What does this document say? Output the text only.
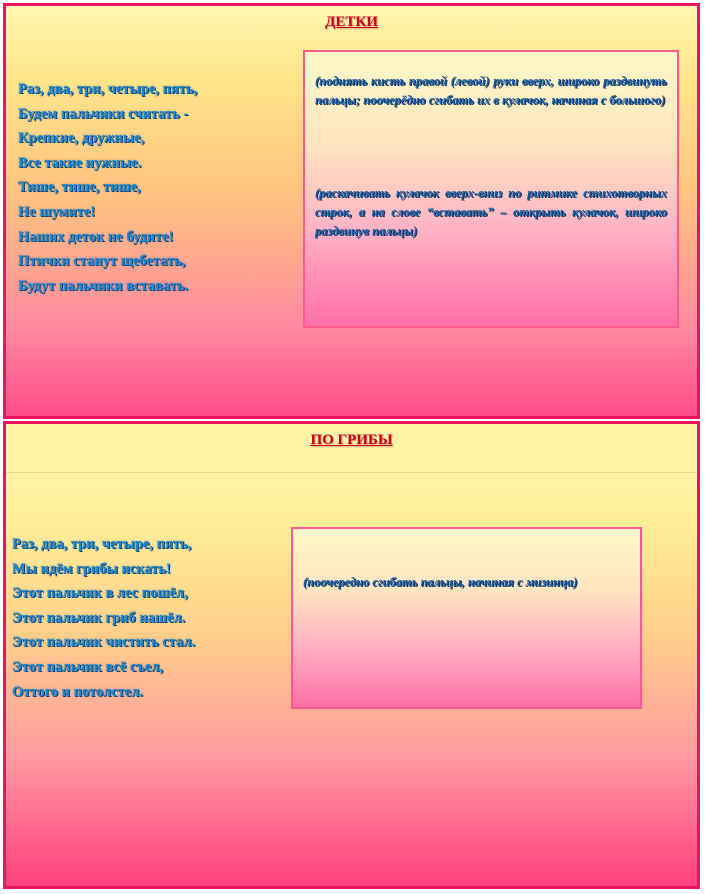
ДЕТКИ
Раз, два, три, четыре, пять,
Будем пальчики считать -
Крепкие, дружные,
Все такие нужные.
Тише, тише, тише,
Не шумите!
Наших деток не будите!
Птички станут щебетать,
Будут пальчики вставать.

(поднять кисть правой (левой) руки вверх, широко раздвинуть пальцы; поочерёдно сгибать их в кулачок, начиная с большого)

(раскачивать кулачок вверх-вниз по ритмике стихотворных строк, а на слове “вставать” – открыть кулачок, широко раздвинув пальцы)

ПО ГРИБЫ
Раз, два, три, четыре, пять,
Мы идём грибы искать!
Этот пальчик в лес пошёл,
Этот пальчик гриб нашёл.
Этот пальчик чистить стал.
Этот пальчик всё съел,
Оттого и потолстел.

(поочередно сгибать пальцы, начиная с мизинца)
